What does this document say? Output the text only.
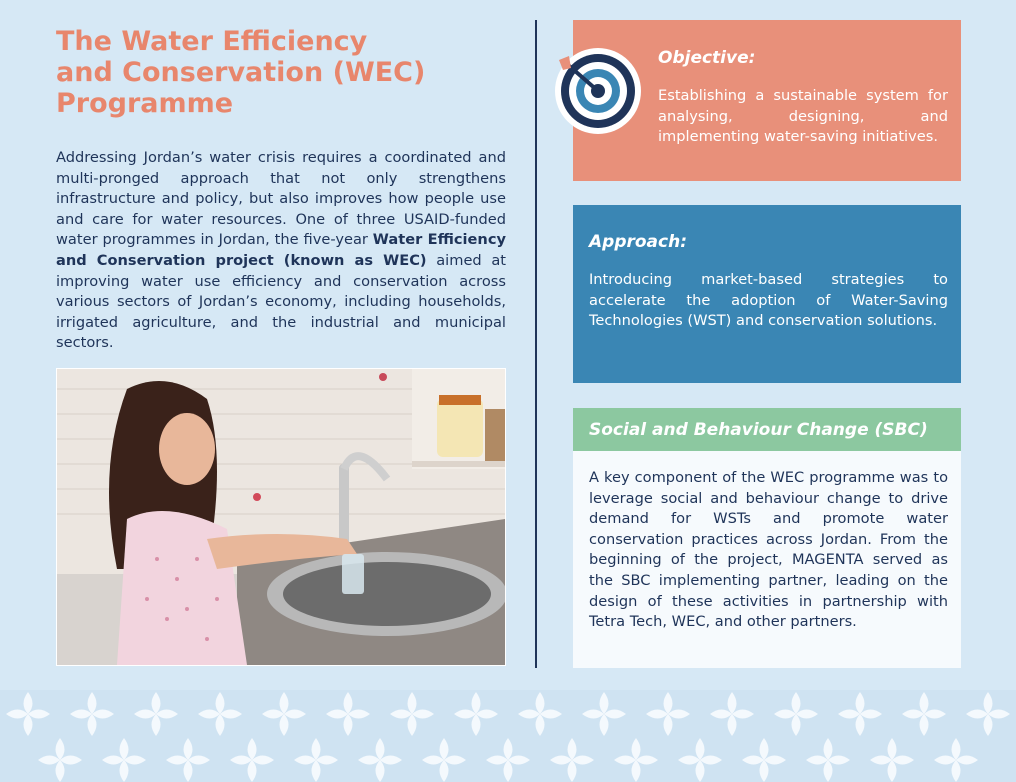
The Water Efficiency
and Conservation (WEC)
Programme

Addressing Jordan’s water crisis requires a coordinated and multi-pronged approach that not only strengthens infrastructure and policy, but also improves how people use and care for water resources. One of three USAID-funded water programmes in Jordan, the five-year Water Efficiency and Conservation project (known as WEC) aimed at improving water use efficiency and conservation across various sectors of Jordan’s economy, including households, irrigated agriculture, and the industrial and municipal sectors.

Objective:

Establishing a sustainable system for analysing, designing, and implementing water-saving initiatives.

Approach:

Introducing market-based strategies to accelerate the adoption of Water-Saving Technologies (WST) and conservation solutions.

Social and Behaviour Change (SBC)

A key component of the WEC programme was to leverage social and behaviour change to drive demand for WSTs and promote water conservation practices across Jordan. From the beginning of the project, MAGENTA served as the SBC implementing partner, leading on the design of these activities in partnership with Tetra Tech, WEC, and other partners.
